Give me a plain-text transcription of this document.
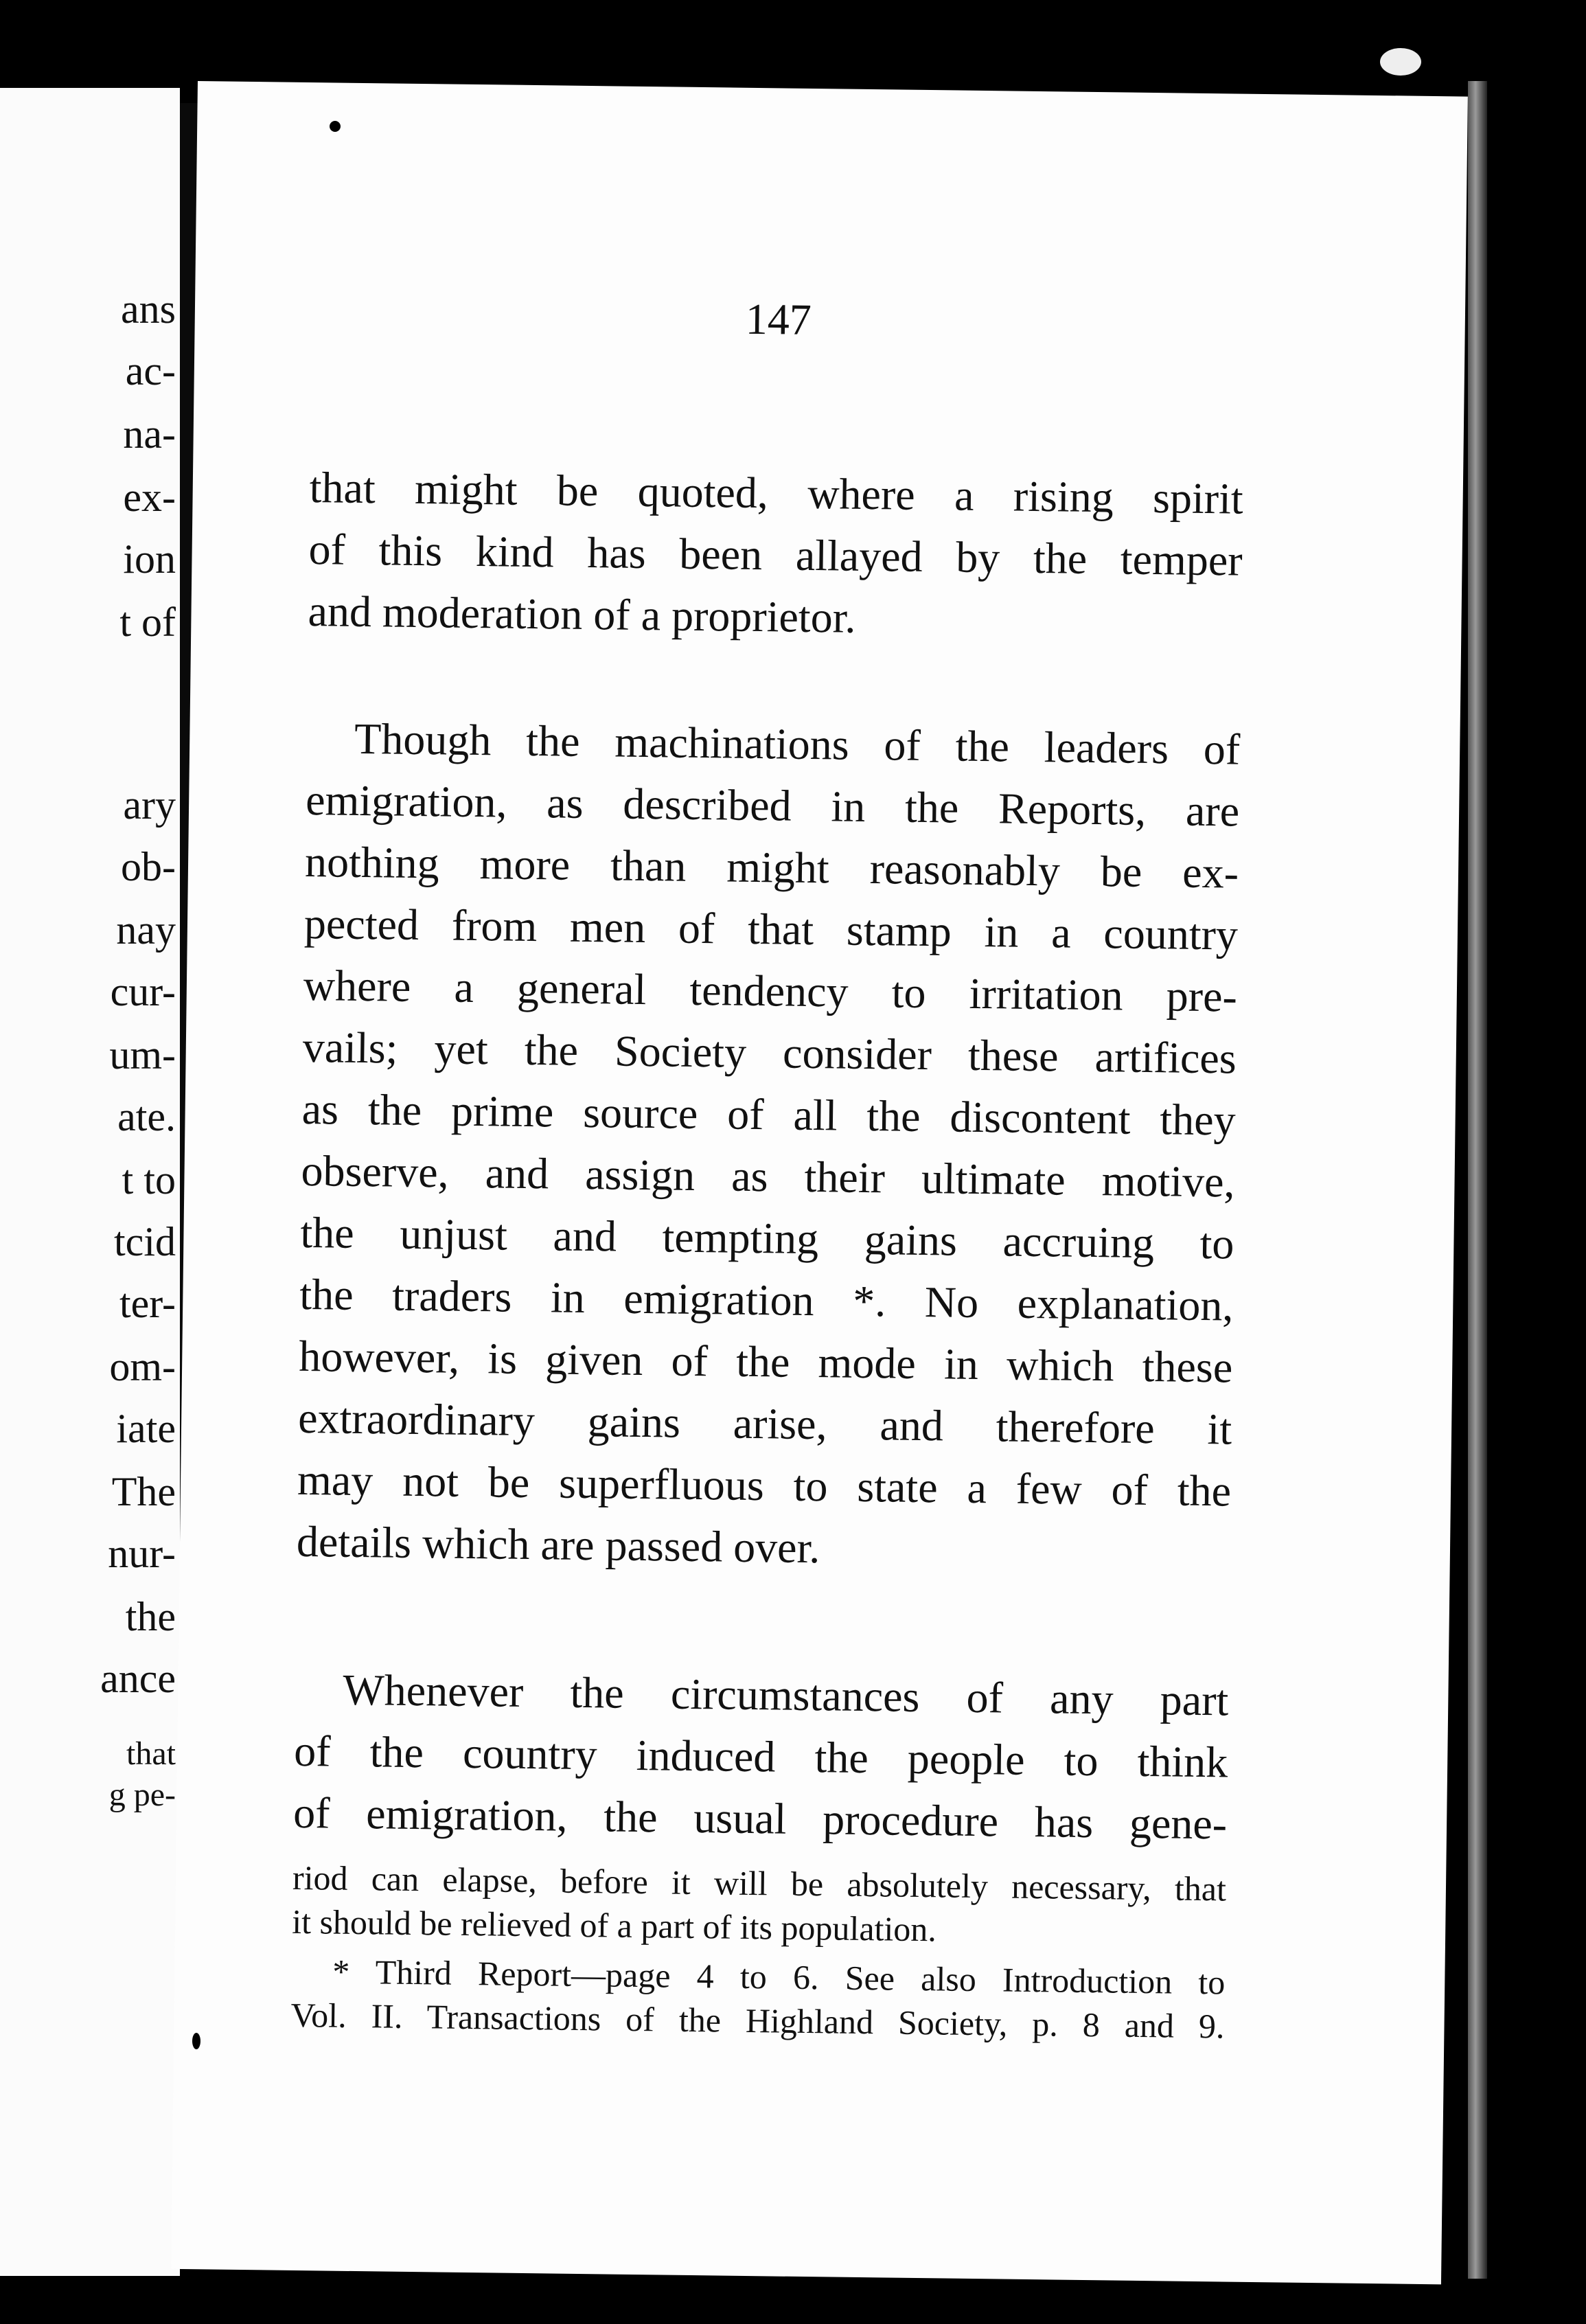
ans
ac-
na-
ex-
ion
t of
ary
ob-
nay
cur-
um-
ate.
t to
tcid
ter-
om-
iate
The
nur-
the
ance
that
g pe-
147
that might be quoted, where a rising spirit
of this kind has been allayed by the temper
and moderation of a proprietor.
Though the machinations of the leaders of
emigration, as described in the Reports, are
nothing more than might reasonably be ex-
pected from men of that stamp in a country
where a general tendency to irritation pre-
vails; yet the Society consider these artifices
as the prime source of all the discontent they
observe, and assign as their ultimate motive,
the unjust and tempting gains accruing to
the traders in emigration *. No explanation,
however, is given of the mode in which these
extraordinary gains arise, and therefore it
may not be superfluous to state a few of the
details which are passed over.
Whenever the circumstances of any part
of the country induced the people to think
of emigration, the usual procedure has gene-
riod can elapse, before it will be absolutely necessary, that
it should be relieved of a part of its population.
* Third Report—page 4 to 6. See also Introduction to
Vol. II. Transactions of the Highland Society, p. 8 and 9.
